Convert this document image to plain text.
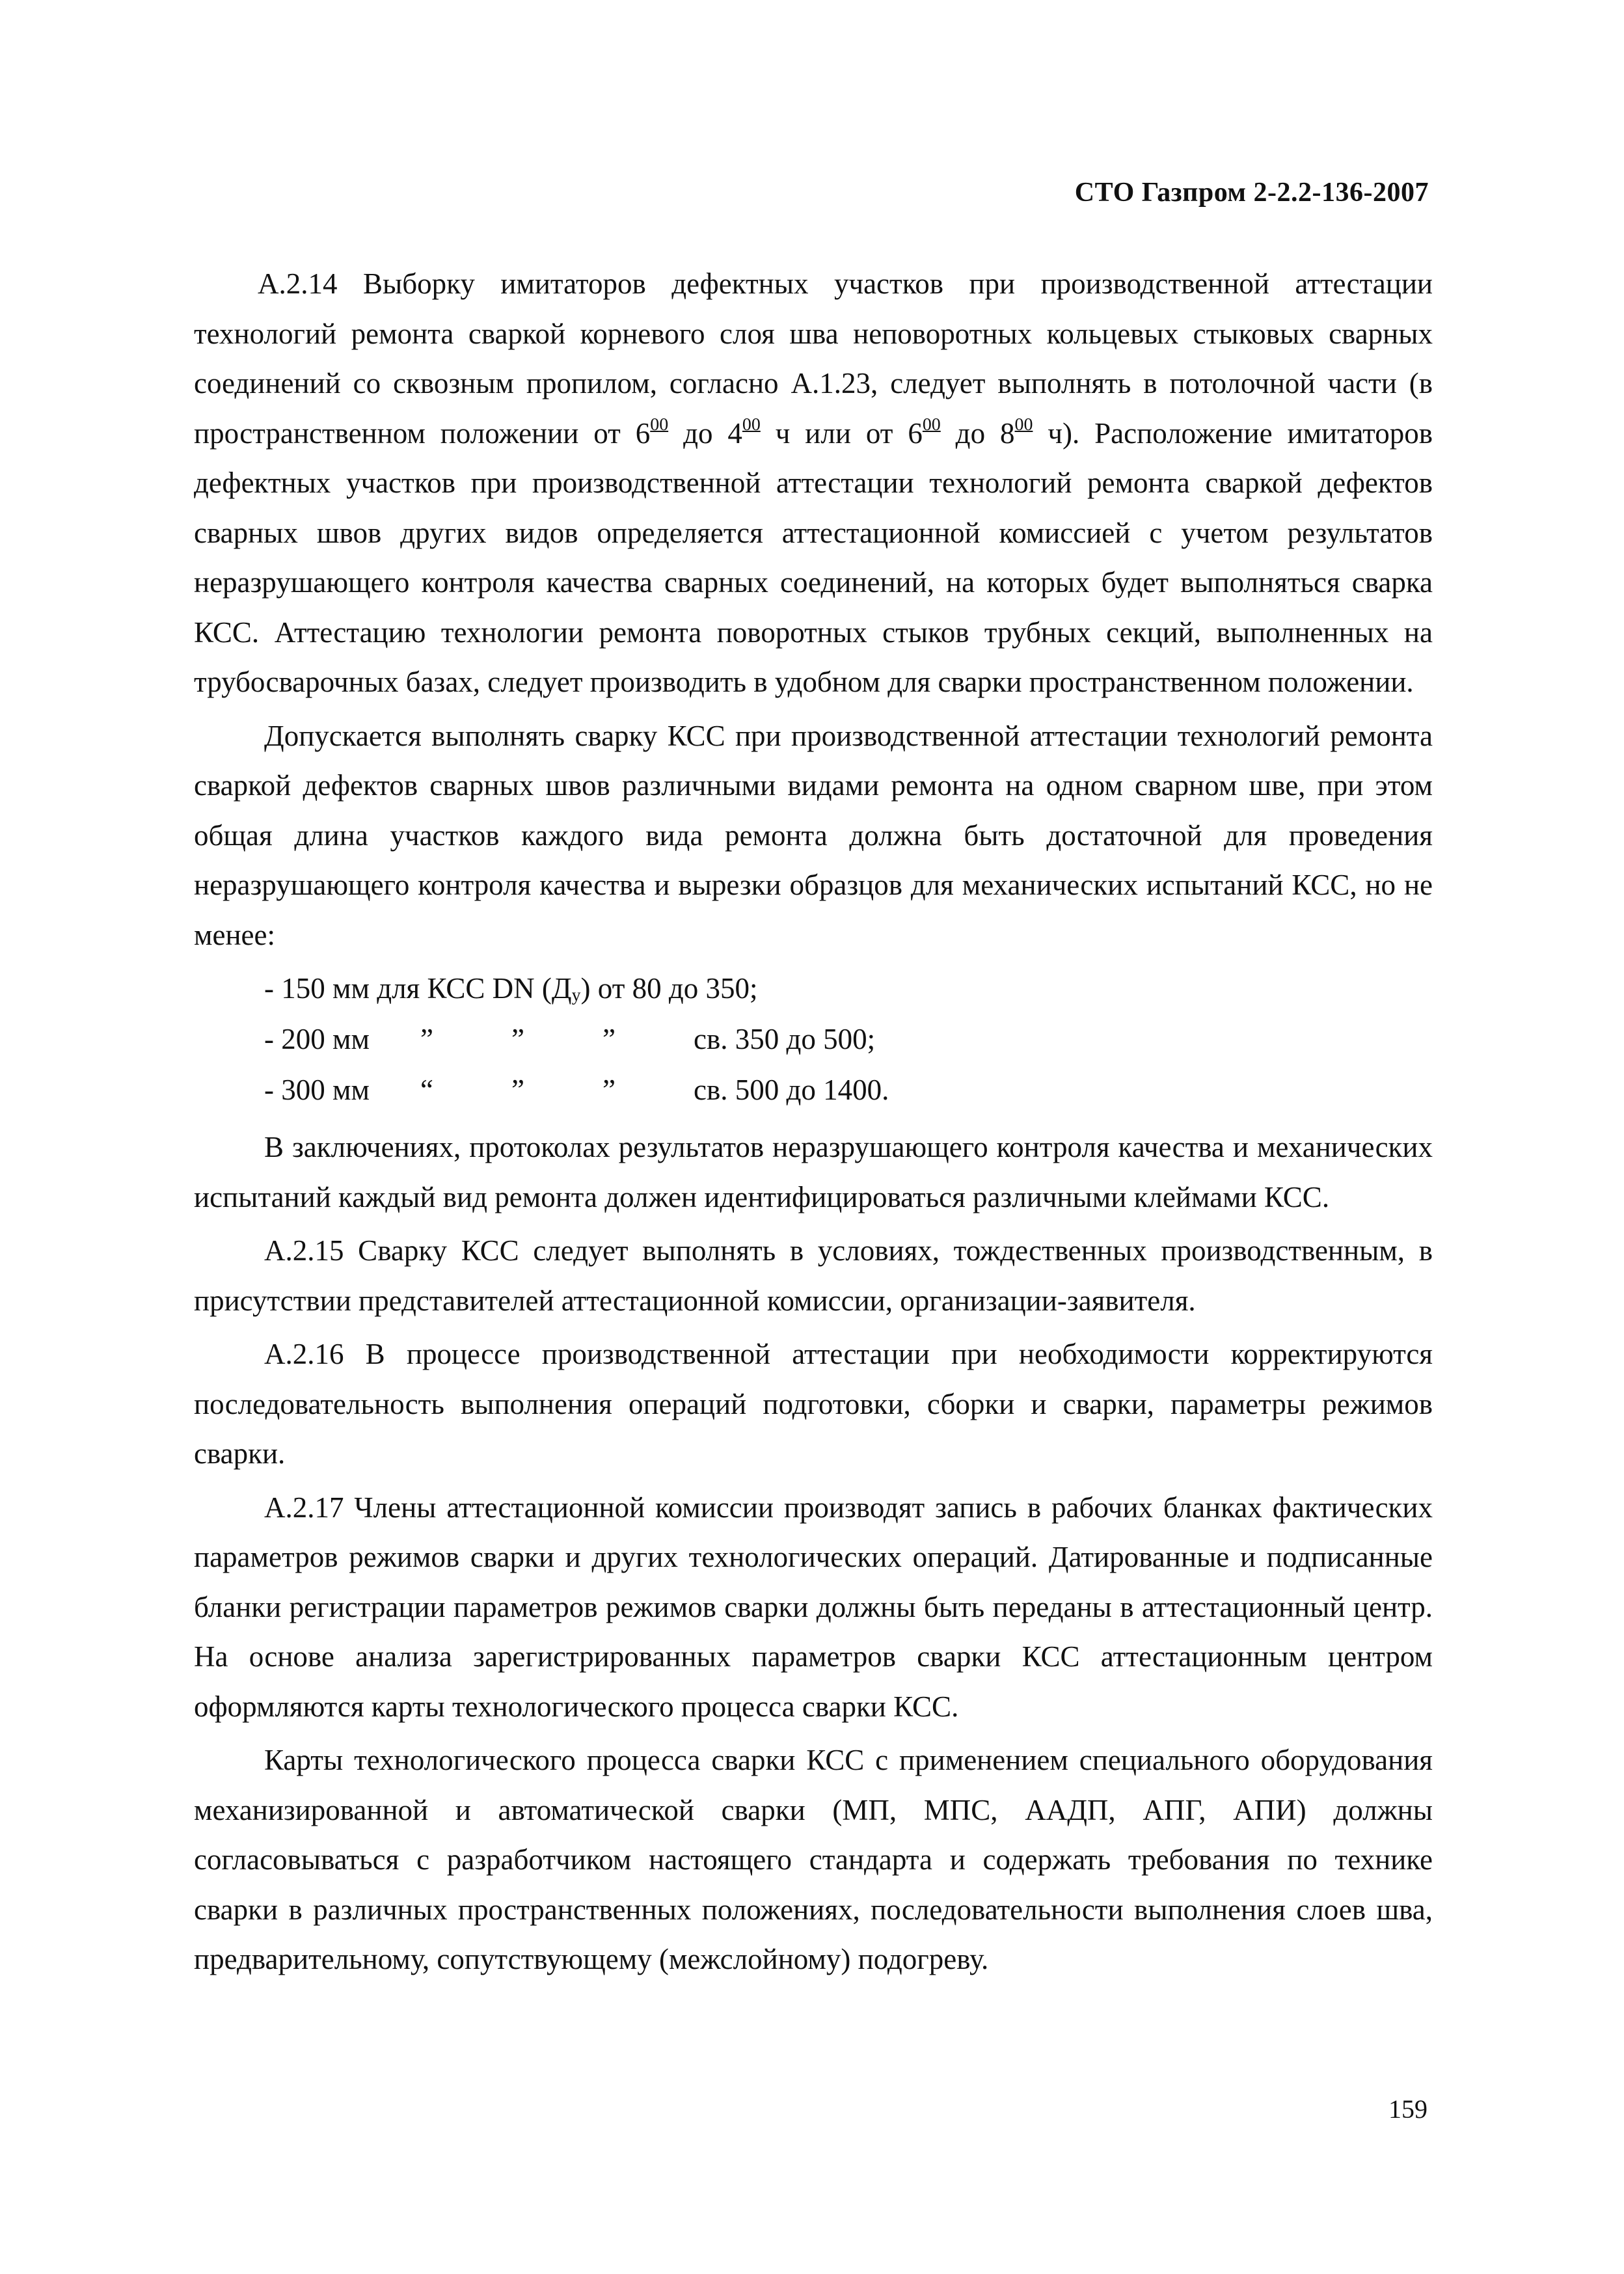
СТО Газпром 2-2.2-136-2007

А.2.14 Выборку имитаторов дефектных участков при производственной аттестации технологий ремонта сваркой корневого слоя шва неповоротных кольцевых стыковых сварных соединений со сквозным пропилом, согласно А.1.23, следует выполнять в потолочной части (в пространственном положении от $6^{00}$ до $4^{00}$ ч или от $6^{00}$ до $8^{00}$ ч). Расположение имитаторов дефектных участков при производственной аттестации технологий ремонта сваркой дефектов сварных швов других видов определяется аттестационной комиссией с учетом результатов неразрушающего контроля качества сварных соединений, на которых будет выполняться сварка КСС. Аттестацию технологии ремонта поворотных стыков трубных секций, выполненных на трубосварочных базах, следует производить в удобном для сварки пространственном положении.

Допускается выполнять сварку КСС при производственной аттестации технологий ремонта сваркой дефектов сварных швов различными видами ремонта на одном сварном шве, при этом общая длина участков каждого вида ремонта должна быть достаточной для проведения неразрушающего контроля качества и вырезки образцов для механических испытаний КСС, но не менее:

- 150 мм для КСС DN $(Д_у)$ от 80 до 350;
- 200 мм	”	”	”	св. 350 до 500;
- 300 мм	“	”	”	св. 500 до 1400.

В заключениях, протоколах результатов неразрушающего контроля качества и механических испытаний каждый вид ремонта должен идентифицироваться различными клеймами КСС.

А.2.15 Сварку КСС следует выполнять в условиях, тождественных производственным, в присутствии представителей аттестационной комиссии, организации-заявителя.

А.2.16 В процессе производственной аттестации при необходимости корректируются последовательность выполнения операций подготовки, сборки и сварки, параметры режимов сварки.

А.2.17 Члены аттестационной комиссии производят запись в рабочих бланках фактических параметров режимов сварки и других технологических операций. Датированные и подписанные бланки регистрации параметров режимов сварки должны быть переданы в аттестационный центр. На основе анализа зарегистрированных параметров сварки КСС аттестационным центром оформляются карты технологического процесса сварки КСС.

Карты технологического процесса сварки КСС с применением специального оборудования механизированной и автоматической сварки (МП, МПС, ААДП, АПГ, АПИ) должны согласовываться с разработчиком настоящего стандарта и содержать требования по технике сварки в различных пространственных положениях, последовательности выполнения слоев шва, предварительному, сопутствующему (межслойному) подогреву.

159
